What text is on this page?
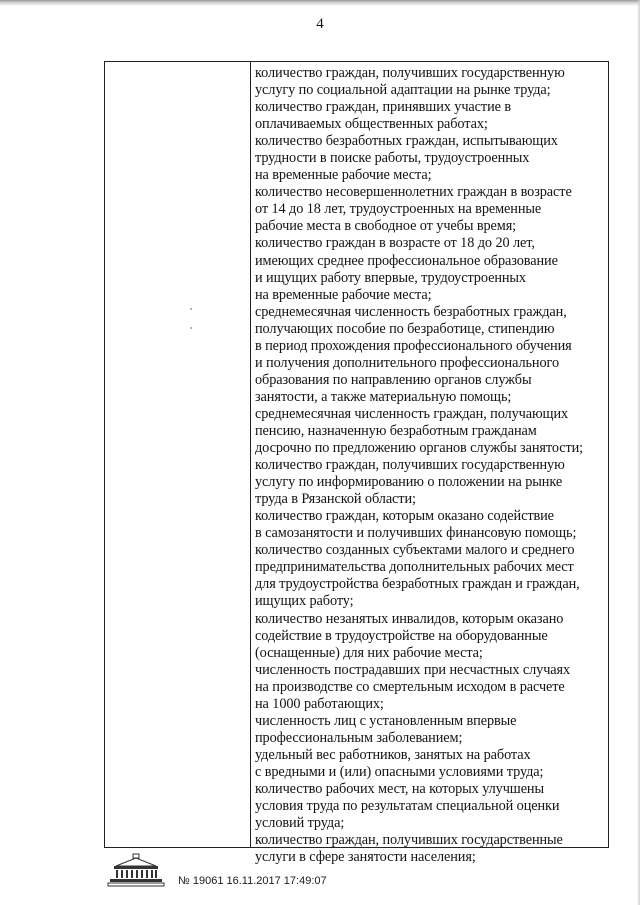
4
количество граждан, получивших государственную
услугу по социальной адаптации на рынке труда;
количество граждан, принявших участие в
оплачиваемых общественных работах;
количество безработных граждан, испытывающих
трудности в поиске работы, трудоустроенных
на временные рабочие места;
количество несовершеннолетних граждан в возрасте
от 14 до 18 лет, трудоустроенных на временные
рабочие места в свободное от учебы время;
количество граждан в возрасте от 18 до 20 лет,
имеющих среднее профессиональное образование
и ищущих работу впервые, трудоустроенных
на временные рабочие места;
среднемесячная численность безработных граждан,
получающих пособие по безработице, стипендию
в период прохождения профессионального обучения
и получения дополнительного профессионального
образования по направлению органов службы
занятости, а также материальную помощь;
среднемесячная численность граждан, получающих
пенсию, назначенную безработным гражданам
досрочно по предложению органов службы занятости;
количество граждан, получивших государственную
услугу по информированию о положении на рынке
труда в Рязанской области;
количество граждан, которым оказано содействие
в самозанятости и получивших финансовую помощь;
количество созданных субъектами малого и среднего
предпринимательства дополнительных рабочих мест
для трудоустройства безработных граждан и граждан,
ищущих работу;
количество незанятых инвалидов, которым оказано
содействие в трудоустройстве на оборудованные
(оснащенные) для них рабочие места;
численность пострадавших при несчастных случаях
на производстве со смертельным исходом в расчете
на 1000 работающих;
численность лиц с установленным впервые
профессиональным заболеванием;
удельный вес работников, занятых на работах
с вредными и (или) опасными условиями труда;
количество рабочих мест, на которых улучшены
условия труда по результатам специальной оценки
условий труда;
количество граждан, получивших государственные
услуги в сфере занятости населения;
№ 19061 16.11.2017 17:49:07
